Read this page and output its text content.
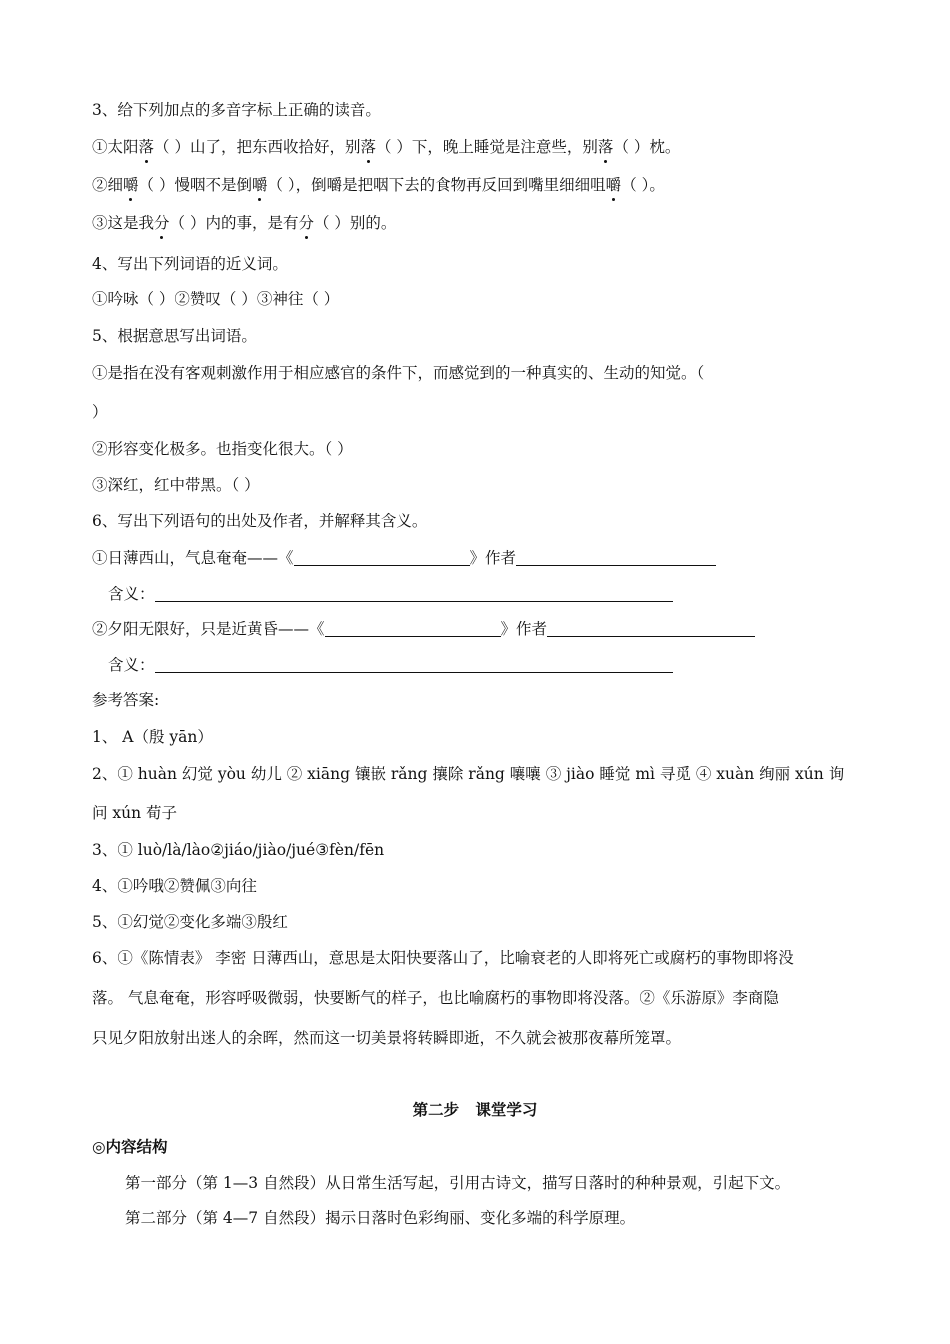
3、给下列加点的多音字标上正确的读音。
①太阳落（ ）山了，把东西收拾好，别落（ ）下，晚上睡觉是注意些，别落（ ）枕。
②细嚼（ ）慢咽不是倒嚼（ ），倒嚼是把咽下去的食物再反回到嘴里细细咀嚼（ ）。
③这是我分（ ）内的事，是有分（ ）别的。
4、写出下列词语的近义词。
①吟咏（ ）②赞叹（ ）③神往（ ）
5、根据意思写出词语。
①是指在没有客观刺激作用于相应感官的条件下，而感觉到的一种真实的、生动的知觉。（
）
②形容变化极多。也指变化很大。（ ）
③深红，红中带黑。（ ）
6、写出下列语句的出处及作者，并解释其含义。
①日薄西山，气息奄奄——《	》作者
含义：
②夕阳无限好，只是近黄昏——《	》作者
含义：
参考答案:
1、 A（殷 yān）
2、① huàn 幻觉 yòu 幼儿 ② xiāng 镶嵌 rǎng 攘除 rǎng 嚷嚷 ③ jiào 睡觉 mì 寻觅 ④ xuàn 绚丽 xún 询
问 xún 荀子
3、① luò/là/lào②jiáo/jiào/jué③fèn/fēn
4、①吟哦②赞佩③向往
5、①幻觉②变化多端③殷红
6、①《陈情表》 李密 日薄西山，意思是太阳快要落山了，比喻衰老的人即将死亡或腐朽的事物即将没
落。 气息奄奄，形容呼吸微弱，快要断气的样子，也比喻腐朽的事物即将没落。②《乐游原》李商隐
只见夕阳放射出迷人的余晖，然而这一切美景将转瞬即逝，不久就会被那夜幕所笼罩。
第二步   课堂学习
◎内容结构
第一部分（第 1—3 自然段）从日常生活写起，引用古诗文，描写日落时的种种景观，引起下文。
第二部分（第 4—7 自然段）揭示日落时色彩绚丽、变化多端的科学原理。
